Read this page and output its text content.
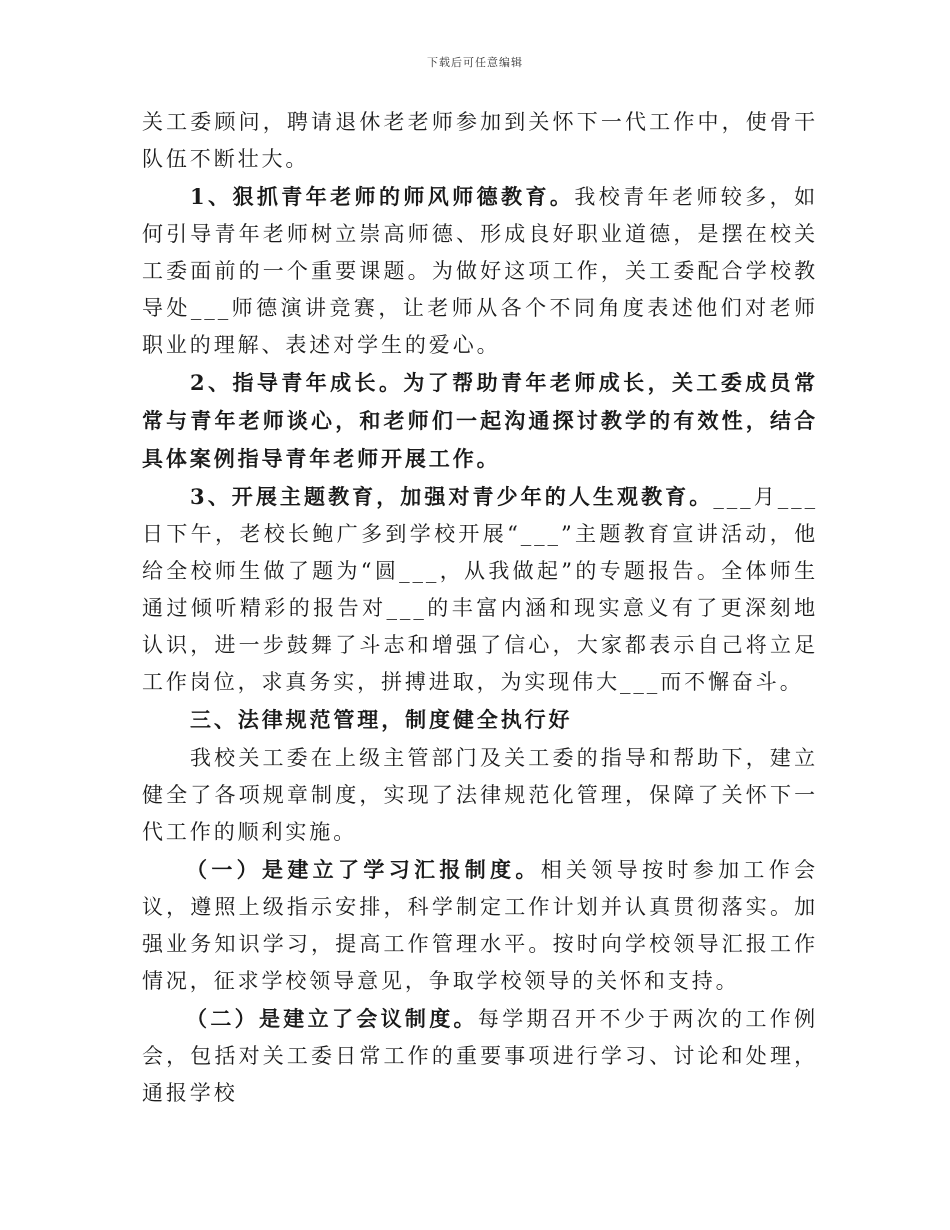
下载后可任意编辑

关工委顾问，聘请退休老老师参加到关怀下一代工作中，使骨干队伍不断壮大。

1、狠抓青年老师的师风师德教育。我校青年老师较多，如何引导青年老师树立崇高师德、形成良好职业道德，是摆在校关工委面前的一个重要课题。为做好这项工作，关工委配合学校教导处___师德演讲竞赛，让老师从各个不同角度表述他们对老师职业的理解、表述对学生的爱心。

2、指导青年成长。为了帮助青年老师成长，关工委成员常常与青年老师谈心，和老师们一起沟通探讨教学的有效性，结合具体案例指导青年老师开展工作。

3、开展主题教育，加强对青少年的人生观教育。___月___日下午，老校长鲍广多到学校开展“___”主题教育宣讲活动，他给全校师生做了题为“圆___，从我做起”的专题报告。全体师生通过倾听精彩的报告对___的丰富内涵和现实意义有了更深刻地认识，进一步鼓舞了斗志和增强了信心，大家都表示自己将立足工作岗位，求真务实，拼搏进取，为实现伟大___而不懈奋斗。

三、法律规范管理，制度健全执行好

我校关工委在上级主管部门及关工委的指导和帮助下，建立健全了各项规章制度，实现了法律规范化管理，保障了关怀下一代工作的顺利实施。

（一）是建立了学习汇报制度。相关领导按时参加工作会议，遵照上级指示安排，科学制定工作计划并认真贯彻落实。加强业务知识学习，提高工作管理水平。按时向学校领导汇报工作情况，征求学校领导意见，争取学校领导的关怀和支持。

（二）是建立了会议制度。每学期召开不少于两次的工作例会，包括对关工委日常工作的重要事项进行学习、讨论和处理，通报学校
